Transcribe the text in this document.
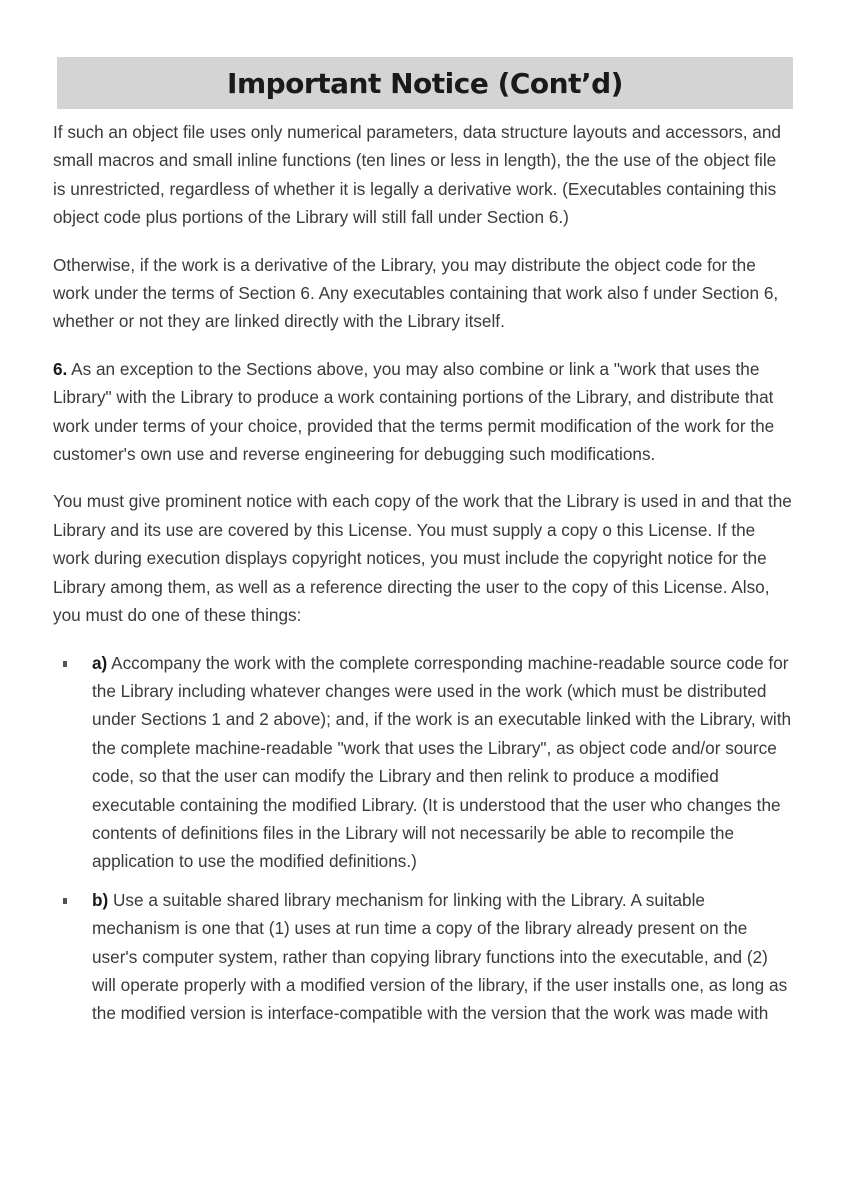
Important Notice (Cont’d)

If such an object file uses only numerical parameters, data structure layouts and accessors, and small macros and small inline functions (ten lines or less in length), the the use of the object file is unrestricted, regardless of whether it is legally a derivative work. (Executables containing this object code plus portions of the Library will still fall under Section 6.)

Otherwise, if the work is a derivative of the Library, you may distribute the object code for the work under the terms of Section 6. Any executables containing that work also f under Section 6, whether or not they are linked directly with the Library itself.

6. As an exception to the Sections above, you may also combine or link a "work that uses the Library" with the Library to produce a work containing portions of the Library, and distribute that work under terms of your choice, provided that the terms permit modification of the work for the customer's own use and reverse engineering for debugging such modifications.

You must give prominent notice with each copy of the work that the Library is used in and that the Library and its use are covered by this License. You must supply a copy o this License. If the work during execution displays copyright notices, you must include the copyright notice for the Library among them, as well as a reference directing the user to the copy of this License. Also, you must do one of these things:

a) Accompany the work with the complete corresponding machine-readable source code for the Library including whatever changes were used in the work (which must be distributed under Sections 1 and 2 above); and, if the work is an executable linked with the Library, with the complete machine-readable "work that uses the Library", as object code and/or source code, so that the user can modify the Library and then relink to produce a modified executable containing the modified Library. (It is understood that the user who changes the contents of definitions files in the Library will not necessarily be able to recompile the application to use the modified definitions.)
b) Use a suitable shared library mechanism for linking with the Library. A suitable mechanism is one that (1) uses at run time a copy of the library already present on the user's computer system, rather than copying library functions into the executable, and (2) will operate properly with a modified version of the library, if the user installs one, as long as the modified version is interface-compatible with the version that the work was made with
